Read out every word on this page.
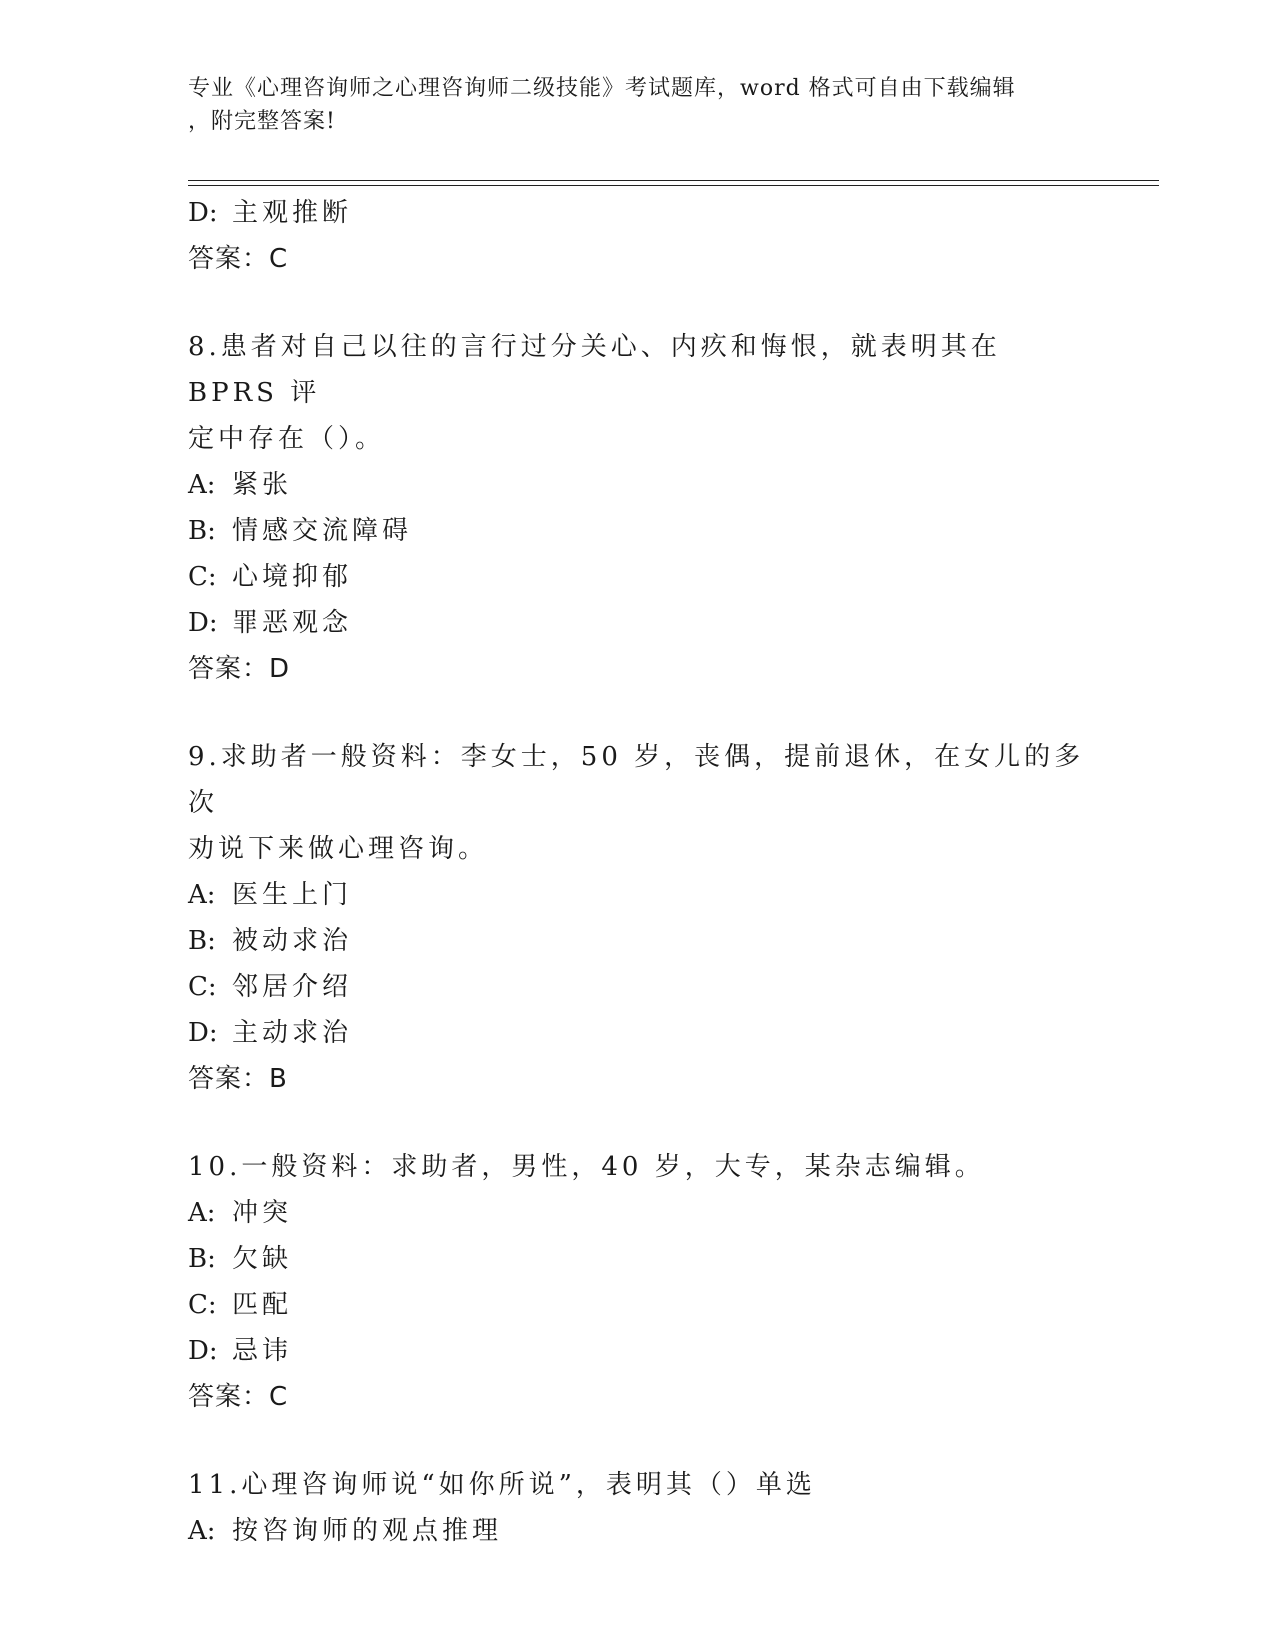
专业《心理咨询师之心理咨询师二级技能》考试题库，word 格式可自由下载编辑
，附完整答案!
D: 主观推断
答案：C
8.患者对自己以往的言行过分关心、内疚和悔恨，就表明其在 BPRS 评
定中存在（）。
A: 紧张
B: 情感交流障碍
C: 心境抑郁
D: 罪恶观念
答案：D
9.求助者一般资料：李女士，50 岁，丧偶，提前退休，在女儿的多次
劝说下来做心理咨询。
A: 医生上门
B: 被动求治
C: 邻居介绍
D: 主动求治
答案：B
10.一般资料：求助者，男性，40 岁，大专，某杂志编辑。
A: 冲突
B: 欠缺
C: 匹配
D: 忌讳
答案：C
11.心理咨询师说“如你所说”，表明其（）单选
A: 按咨询师的观点推理
